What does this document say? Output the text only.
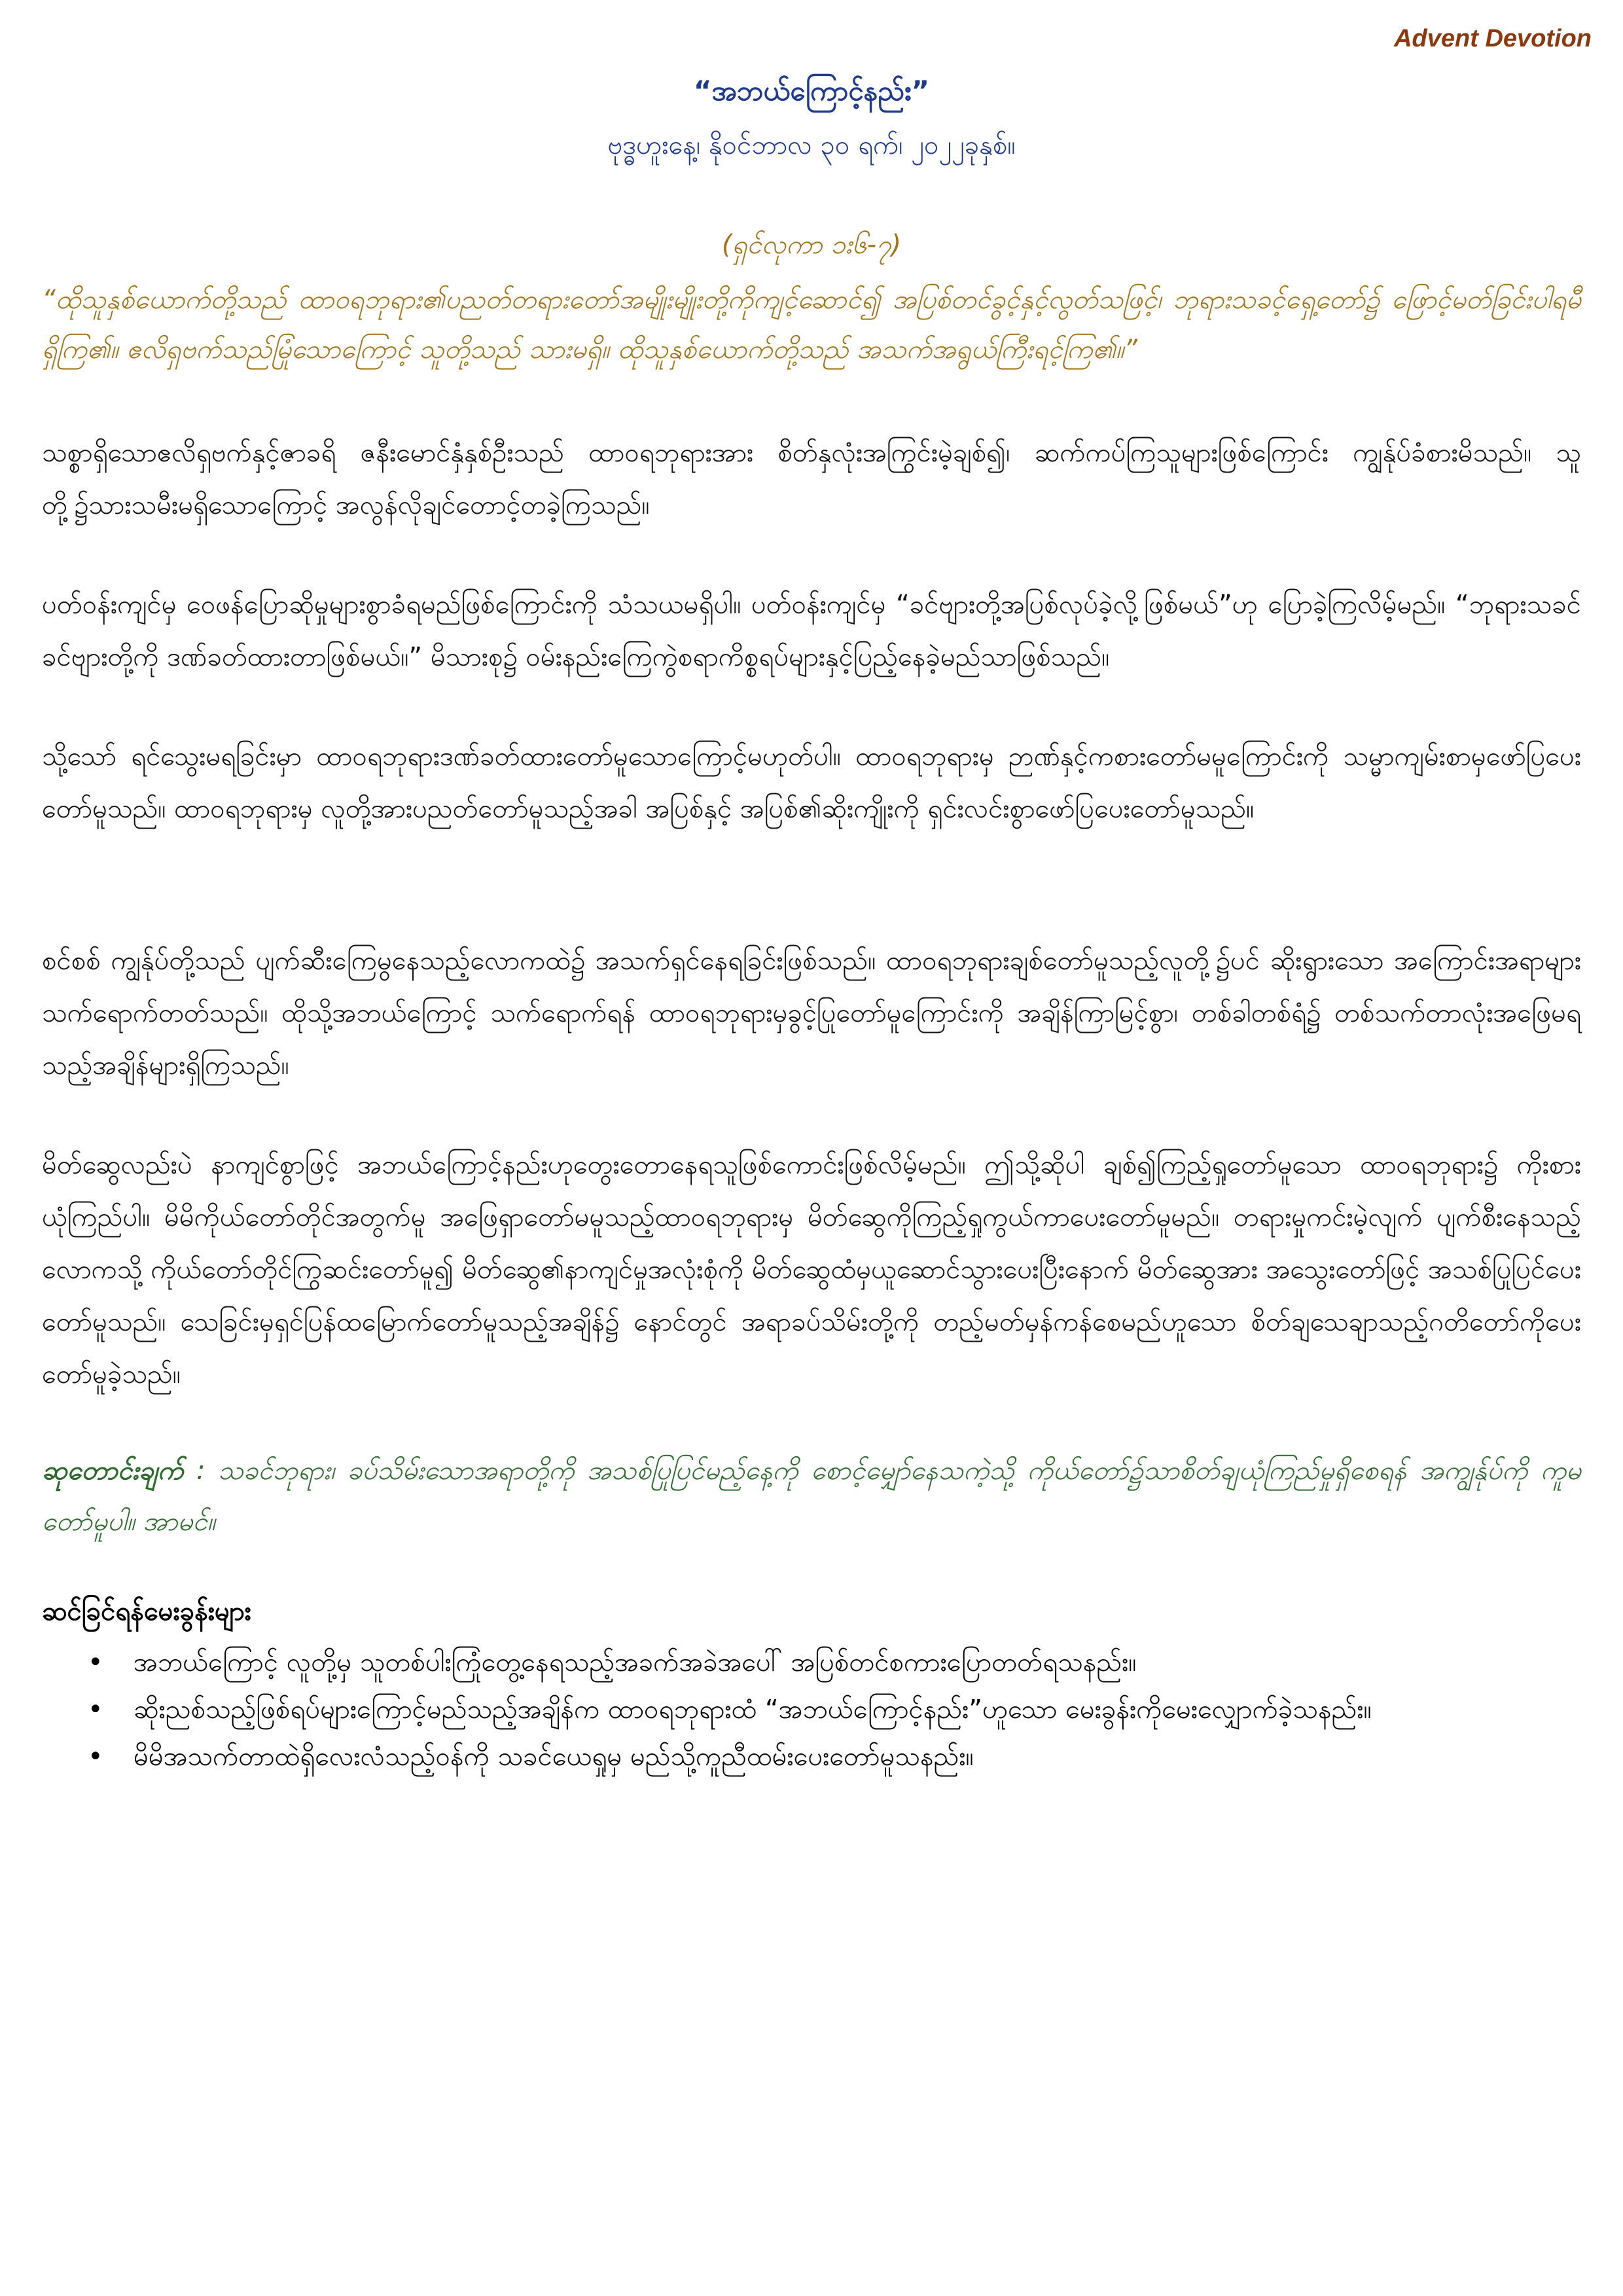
Advent Devotion
“အဘယ်ကြောင့်နည်း”
ဗုဒ္ဓဟူးနေ့၊ နိုဝင်ဘာလ ၃၀ ရက်၊ ၂၀၂၂ခုနှစ်။
(ရှင်လုကာ ၁း၆-၇)
“ထိုသူနှစ်ယောက်တို့သည် ထာဝရဘုရား၏ပညတ်တရားတော်အမျိုးမျိုးတို့ကိုကျင့်ဆောင်၍ အပြစ်တင်ခွင့်နှင့်လွတ်သဖြင့်၊ ဘုရားသခင့်ရှေ့တော်၌ ဖြောင့်မတ်ခြင်းပါရမီရှိကြ၏။ ဧလိရှဗက်သည်မြုံသောကြောင့် သူတို့သည် သားမရှိ။ ထိုသူနှစ်ယောက်တို့သည် အသက်အရွယ်ကြီးရင့်ကြ၏။”
သစ္စာရှိသောဧလိရှဗက်နှင့်ဇာခရိ ဇနီးမောင်နှံနှစ်ဦးသည် ထာဝရဘုရားအား စိတ်နှလုံးအကြွင်းမဲ့ချစ်၍၊ ဆက်ကပ်ကြသူများဖြစ်ကြောင်း ကျွန်ုပ်ခံစားမိသည်။ သူတို့၌သားသမီးမရှိသောကြောင့် အလွန်လိုချင်တောင့်တခဲ့ကြသည်။
ပတ်ဝန်းကျင်မှ ဝေဖန်ပြောဆိုမှုများစွာခံရမည်ဖြစ်ကြောင်းကို သံသယမရှိပါ။ ပတ်ဝန်းကျင်မှ “ခင်ဗျားတို့အပြစ်လုပ်ခဲ့လို့ဖြစ်မယ်”ဟု ပြောခဲ့ကြလိမ့်မည်။ “ဘုရားသခင် ခင်ဗျားတို့ကို ဒဏ်ခတ်ထားတာဖြစ်မယ်။” မိသားစု၌ ဝမ်းနည်းကြေကွဲစရာကိစ္စရပ်များနှင့်ပြည့်နေခဲ့မည်သာဖြစ်သည်။
သို့သော် ရင်သွေးမရခြင်းမှာ ထာဝရဘုရားဒဏ်ခတ်ထားတော်မူသောကြောင့်မဟုတ်ပါ။ ထာဝရဘုရားမှ ဉာဏ်နှင့်ကစားတော်မမူကြောင်းကို သမ္မာကျမ်းစာမှဖော်ပြပေးတော်မူသည်။ ထာဝရဘုရားမှ လူတို့အားပညတ်တော်မူသည့်အခါ အပြစ်နှင့် အပြစ်၏ဆိုးကျိုးကို ရှင်းလင်းစွာဖော်ပြပေးတော်မူသည်။
စင်စစ် ကျွန်ုပ်တို့သည် ပျက်ဆီးကြေမွနေသည့်လောကထဲ၌ အသက်ရှင်နေရခြင်းဖြစ်သည်။ ထာဝရဘုရားချစ်တော်မူသည့်လူတို့၌ပင် ဆိုးရွားသော အကြောင်းအရာများသက်ရောက်တတ်သည်။ ထိုသို့အဘယ်ကြောင့် သက်ရောက်ရန် ထာဝရဘုရားမှခွင့်ပြုတော်မူကြောင်းကို အချိန်ကြာမြင့်စွာ၊ တစ်ခါတစ်ရံ၌ တစ်သက်တာလုံးအဖြေမရသည့်အချိန်များရှိကြသည်။
မိတ်ဆွေလည်းပဲ နာကျင်စွာဖြင့် အဘယ်ကြောင့်နည်းဟုတွေးတောနေရသူဖြစ်ကောင်းဖြစ်လိမ့်မည်။ ဤသို့ဆိုပါ ချစ်၍ကြည့်ရှုတော်မူသော ထာဝရဘုရား၌ ကိုးစားယုံကြည်ပါ။ မိမိကိုယ်တော်တိုင်အတွက်မူ အဖြေရှာတော်မမူသည့်ထာဝရဘုရားမှ မိတ်ဆွေကိုကြည့်ရှုကွယ်ကာပေးတော်မူမည်။ တရားမှုကင်းမဲ့လျက် ပျက်စီးနေသည့်လောကသို့ ကိုယ်တော်တိုင်ကြွဆင်းတော်မူ၍ မိတ်ဆွေ၏နာကျင်မှုအလုံးစုံကို မိတ်ဆွေထံမှယူဆောင်သွားပေးပြီးနောက် မိတ်ဆွေအား အသွေးတော်ဖြင့် အသစ်ပြုပြင်ပေးတော်မူသည်။ သေခြင်းမှရှင်ပြန်ထမြောက်တော်မူသည့်အချိန်၌ နောင်တွင် အရာခပ်သိမ်းတို့ကို တည့်မတ်မှန်ကန်စေမည်ဟူသော စိတ်ချသေချာသည့်ဂတိတော်ကိုပေးတော်မူခဲ့သည်။
ဆုတောင်းချက် : သခင်ဘုရား၊ ခပ်သိမ်းသောအရာတို့ကို အသစ်ပြုပြင်မည့်နေ့ကို စောင့်မျှော်နေသကဲ့သို့ ကိုယ်တော်၌သာစိတ်ချယုံကြည်မှုရှိစေရန် အကျွန်ုပ်ကို ကူမတော်မူပါ။ အာမင်။
ဆင်ခြင်ရန်မေးခွန်းများ
• အဘယ်ကြောင့် လူတို့မှ သူတစ်ပါးကြုံတွေ့နေရသည့်အခက်အခဲအပေါ် အပြစ်တင်စကားပြောတတ်ရသနည်း။
• ဆိုးညစ်သည့်ဖြစ်ရပ်များကြောင့်မည်သည့်အချိန်က ထာဝရဘုရားထံ “အဘယ်ကြောင့်နည်း”ဟူသော မေးခွန်းကိုမေးလျှောက်ခဲ့သနည်း။
• မိမိအသက်တာထဲရှိလေးလံသည့်ဝန်ကို သခင်ယေရှုမှ မည်သို့ကူညီထမ်းပေးတော်မူသနည်း။
